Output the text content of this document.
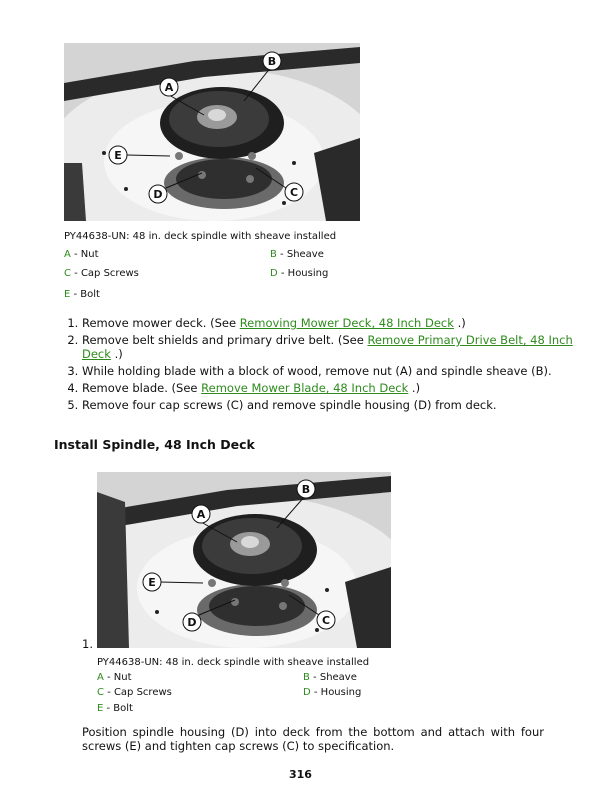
A
B
C
D
E
PY44638-UN: 48 in. deck spindle with sheave installed
A - Nut	B - Sheave
C - Cap Screws	D - Housing
E - Bolt
1. Remove mower deck. (See Removing Mower Deck, 48 Inch Deck .)
2. Remove belt shields and primary drive belt. (See Remove Primary Drive Belt, 48 Inch Deck .)
3. While holding blade with a block of wood, remove nut (A) and spindle sheave (B).
4. Remove blade. (See Remove Mower Blade, 48 Inch Deck .)
5. Remove four cap screws (C) and remove spindle housing (D) from deck.
Install Spindle, 48 Inch Deck
A
B
C
D
E
1.
PY44638-UN: 48 in. deck spindle with sheave installed
A - Nut	B - Sheave
C - Cap Screws	D - Housing
E - Bolt
Position spindle housing (D) into deck from the bottom and attach with four screws (E) and tighten cap screws (C) to specification.
316
